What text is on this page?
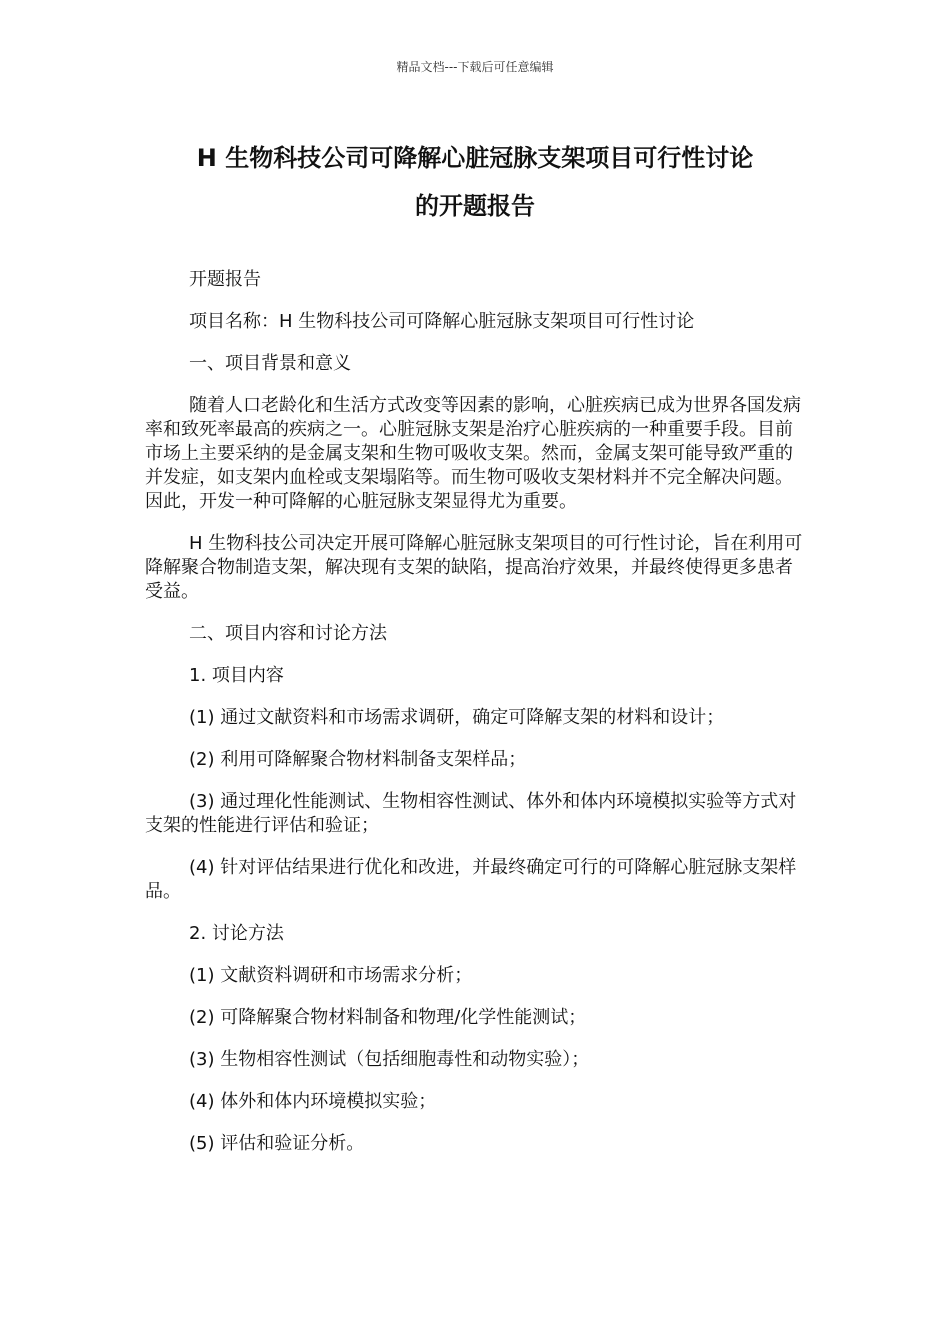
精品文档---下载后可任意编辑
H 生物科技公司可降解心脏冠脉支架项目可行性讨论
的开题报告

开题报告

项目名称：H 生物科技公司可降解心脏冠脉支架项目可行性讨论

一、项目背景和意义

随着人口老龄化和生活方式改变等因素的影响，心脏疾病已成为世界各国发病率和致死率最高的疾病之一。心脏冠脉支架是治疗心脏疾病的一种重要手段。目前市场上主要采纳的是金属支架和生物可吸收支架。然而，金属支架可能导致严重的并发症，如支架内血栓或支架塌陷等。而生物可吸收支架材料并不完全解决问题。因此，开发一种可降解的心脏冠脉支架显得尤为重要。

H 生物科技公司决定开展可降解心脏冠脉支架项目的可行性讨论，旨在利用可降解聚合物制造支架，解决现有支架的缺陷，提高治疗效果，并最终使得更多患者受益。

二、项目内容和讨论方法

1. 项目内容

(1) 通过文献资料和市场需求调研，确定可降解支架的材料和设计；

(2) 利用可降解聚合物材料制备支架样品；

(3) 通过理化性能测试、生物相容性测试、体外和体内环境模拟实验等方式对支架的性能进行评估和验证；

(4) 针对评估结果进行优化和改进，并最终确定可行的可降解心脏冠脉支架样品。

2. 讨论方法

(1) 文献资料调研和市场需求分析；

(2) 可降解聚合物材料制备和物理/化学性能测试；

(3) 生物相容性测试（包括细胞毒性和动物实验）；

(4) 体外和体内环境模拟实验；

(5) 评估和验证分析。
